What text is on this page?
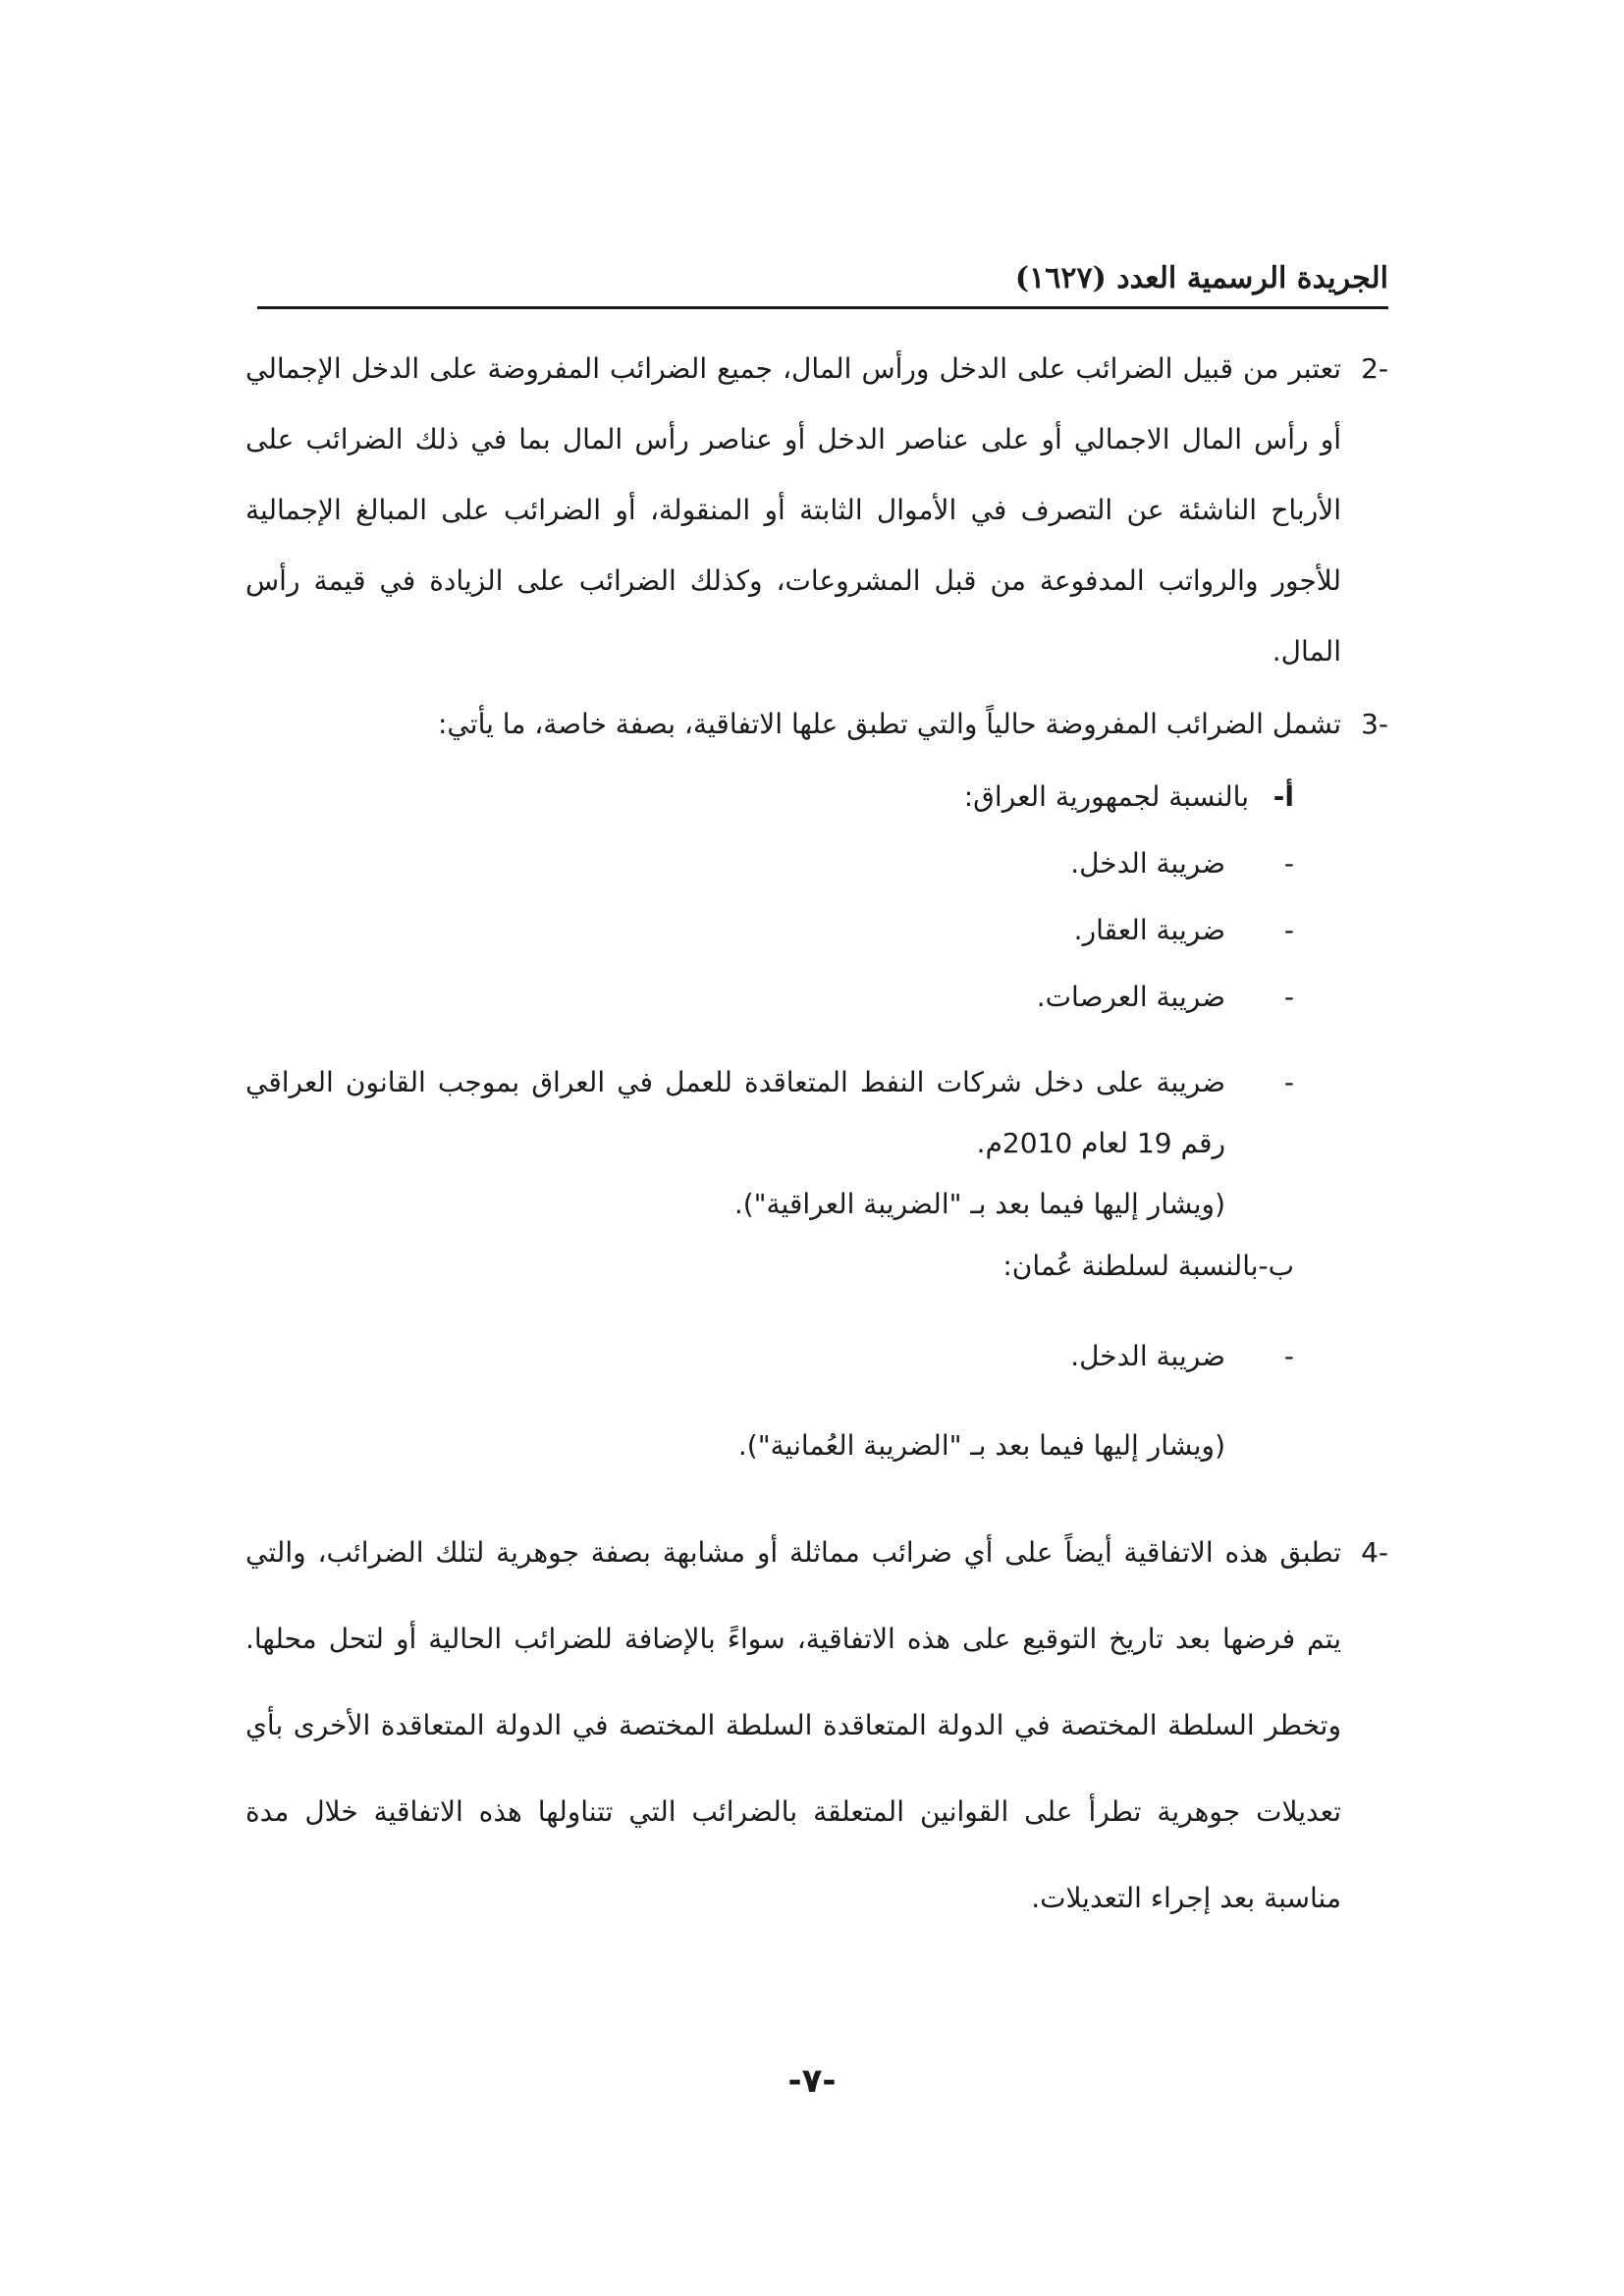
الجريدة الرسمية العدد (١٦٢٧)
-2
تعتبر من قبيل الضرائب على الدخل ورأس المال، جميع الضرائب المفروضة على الدخل الإجمالي أو رأس المال الاجمالي أو على عناصر الدخل أو عناصر رأس المال بما في ذلك الضرائب على الأرباح الناشئة عن التصرف في الأموال الثابتة أو المنقولة، أو الضرائب على المبالغ الإجمالية للأجور والرواتب المدفوعة من قبل المشروعات، وكذلك الضرائب على الزيادة في قيمة رأس المال.
-3
تشمل الضرائب المفروضة حالياً والتي تطبق علها الاتفاقية، بصفة خاصة، ما يأتي:
أ-
بالنسبة لجمهورية العراق:
-
ضريبة الدخل.
-
ضريبة العقار.
-
ضريبة العرصات.
-
ضريبة على دخل شركات النفط المتعاقدة للعمل في العراق بموجب القانون العراقي رقم 19 لعام 2010م.
(ويشار إليها فيما بعد بـ "الضريبة العراقية").
ب-بالنسبة لسلطنة عُمان:
-
ضريبة الدخل.
(ويشار إليها فيما بعد بـ "الضريبة العُمانية").
-4
تطبق هذه الاتفاقية أيضاً على أي ضرائب مماثلة أو مشابهة بصفة جوهرية لتلك الضرائب، والتي يتم فرضها بعد تاريخ التوقيع على هذه الاتفاقية، سواءً بالإضافة للضرائب الحالية أو لتحل محلها. وتخطر السلطة المختصة في الدولة المتعاقدة السلطة المختصة في الدولة المتعاقدة الأخرى بأي تعديلات جوهرية تطرأ على القوانين المتعلقة بالضرائب التي تتناولها هذه الاتفاقية خلال مدة مناسبة بعد إجراء التعديلات.
-٧-
